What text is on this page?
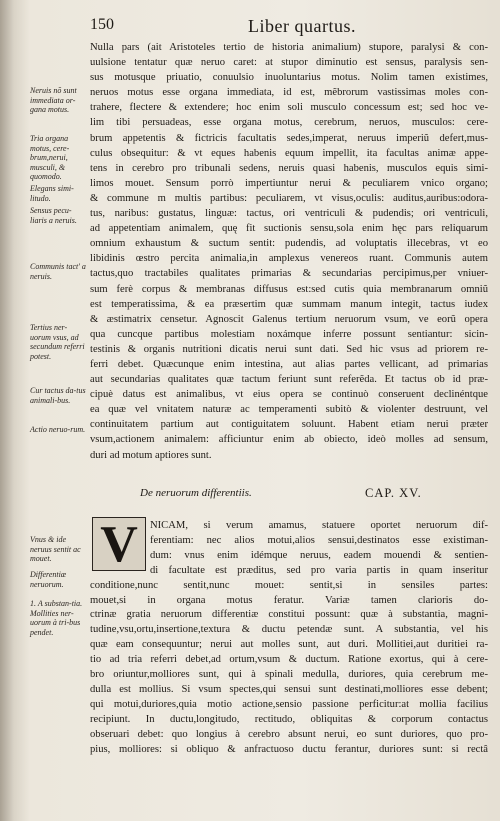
150	Liber quartus.
Neruis nõ sunt immediata or-gana motus.
Tria organa motus, cere-brum,nerui, musculi, & quomodo.
Elegans simi-litudo.
Sensus pecu-liaris a neruis.
Communis tact' a neruis.
Tertius ner-uorum vsus, ad secundum referri potest.
Cur tactus da-tus animali-bus.
Actio neruo-rum.
Vnus & ide neruus sentit ac mouet.
Differentiæ neruorum.
1. A substan-tia. Mollities ner-uorum à tri-bus pendet.
Nulla pars (ait Aristoteles tertio de historia animalium) stupore, paralysi & con-
uulsione tentatur quæ neruo caret: at stupor diminutio est sensus, paralysis sen-
sus motusque priuatio, conuulsio inuoluntarius motus. Nolim tamen existimes,
neruos motus esse organa immediata, id est, mẽbrorum vastissimas moles con-
trahere, flectere & extendere; hoc enim soli musculo concessum est; sed hoc ve-
lim tibi persuadeas, esse organa motus, cerebrum, neruos, musculos: cere-
brum appetentis & fictricis facultatis sedes,imperat, neruus imperiũ defert,mus-
culus obsequitur: & vt eques habenis equum impellit, ita facultas animæ appe-
tens in cerebro pro tribunali sedens, neruis quasi habenis, musculos equis simi-
limos mouet. Sensum porrò impertiuntur nerui & peculiarem vnico organo;
& commune m multis partibus: peculiarem, vt visus,oculis: auditus,auribus:odora-
tus, naribus: gustatus, linguæ: tactus, ori ventriculi & pudendis; ori ventriculi,
ad appetentiam animalem, quę fit suctionis sensu,sola enim hęc pars reliquarum
omnium exhaustum & suctum sentit: pudendis, ad voluptatis illecebras, vt eo
libidinis œstro percita animalia,in amplexus venereos ruant. Communis autem
tactus,quo tractabiles qualitates primarias & secundarias percipimus,per vniuer-
sum ferè corpus & membranas diffusus est:sed cutis quia membranarum omniũ
est temperatissima, & ea præsertim quæ summam manum integit, tactus iudex
& æstimatrix censetur. Agnoscit Galenus tertium neruorum vsum, ve eorũ opera
qua cuncque partibus molestiam noxámque inferre possunt sentiantur: sicin-
testinis & organis nutritioni dicatis nerui sunt dati. Sed hic vsus ad priorem re-
ferri debet. Quæcunque enim intestina, aut alias partes vellicant, ad primarias
aut secundarias qualitates quæ tactum feriunt sunt referẽda. Et tactus ob id præ-
cipuè datus est animalibus, vt eius opera se continuò conseruent declinéntque
ea quæ vel vnitatem naturæ ac temperamenti subitò & violenter destruunt, vel
continuitatem partium aut contiguitatem soluunt. Habent etiam nerui præter
vsum,actionem animalem: afficiuntur enim ab obiecto, ideò molles ad sensum,
duri ad motum aptiores sunt.
De neruorum differentiis.	CAP. XV.
V	NICAM, si verum amamus, statuere oportet neruorum dif-
ferentiam: nec alios motui,alios sensui,destinatos esse existiman-
dum: vnus enim idémque neruus, eadem mouendi & sentien-
di facultate est præditus, sed pro varia partis in quam inseritur
conditione,nunc sentit,nunc mouet: sentit,si in sensiles partes:
mouet,si in organa motus feratur. Variæ tamen clarioris do-
ctrinæ gratia neruorum differentiæ constitui possunt: quæ à substantia, magni-
tudine,vsu,ortu,insertione,textura & ductu petendæ sunt. A substantia, vel his
quæ eam consequuntur; nerui aut molles sunt, aut duri. Mollitiei,aut duritiei ra-
tio ad tria referri debet,ad ortum,vsum & ductum. Ratione exortus, qui à cere-
bro oriuntur,molliores sunt, qui à spinali medulla, duriores, quia cerebrum me-
dulla est mollius. Si vsum spectes,qui sensui sunt destinati,molliores esse debent;
qui motui,duriores,quia motio actione,sensio passione perficitur:at mollia facilius
recipiunt. In ductu,longitudo, rectitudo, obliquitas & corporum contactus
obseruari debet: quo longius à cerebro absunt nerui, eo sunt duriores, quo pro-
pius, molliores: si obliquo & anfractuoso ductu ferantur, duriores sunt: si rectâ
